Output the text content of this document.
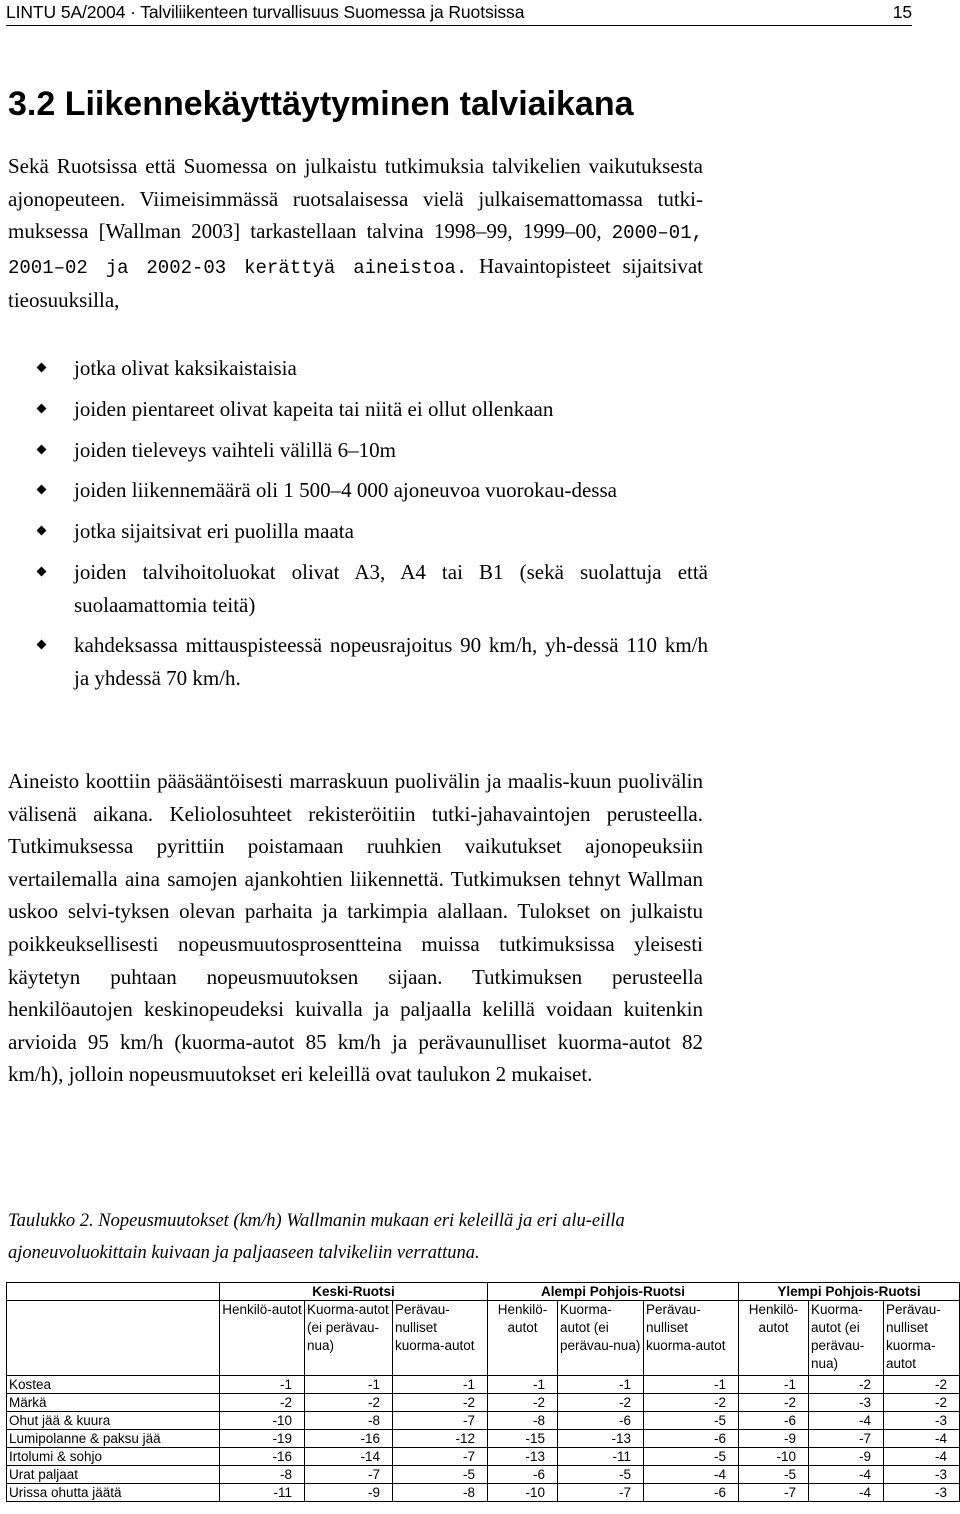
LINTU 5A/2004 · Talviliikenteen turvallisuus Suomessa ja Ruotsissa	15
3.2 Liikennekäyttäytyminen talviaikana

Sekä Ruotsissa että Suomessa on julkaistu tutkimuksia talvikelien vaikutuksesta ajonopeuteen. Viimeisimmässä ruotsalaisessa vielä julkaisemattomassa tutki-muksessa [Wallman 2003] tarkastellaan talvina 1998–99, 1999–00, 2000–01, 2001–02 ja 2002-03 kerättyä aineistoa. Havaintopisteet sijaitsivat tieosuuksilla,

jotka olivat kaksikaistaisia
joiden pientareet olivat kapeita tai niitä ei ollut ollenkaan
joiden tieleveys vaihteli välillä 6–10m
joiden liikennemäärä oli 1 500–4 000 ajoneuvoa vuorokau-dessa
jotka sijaitsivat eri puolilla maata
joiden talvihoitoluokat olivat A3, A4 tai B1 (sekä suolattuja että suolaamattomia teitä)
kahdeksassa mittauspisteessä nopeusrajoitus 90 km/h, yh-dessä 110 km/h ja yhdessä 70 km/h.

Aineisto koottiin pääsääntöisesti marraskuun puolivälin ja maalis-kuun puolivälin välisenä aikana. Keliolosuhteet rekisteröitiin tutki-jahavaintojen perusteella. Tutkimuksessa pyrittiin poistamaan ruuhkien vaikutukset ajonopeuksiin vertailemalla aina samojen ajankohtien liikennettä. Tutkimuksen tehnyt Wallman uskoo selvi-tyksen olevan parhaita ja tarkimpia alallaan. Tulokset on julkaistu poikkeuksellisesti nopeusmuutosprosentteina muissa tutkimuksissa yleisesti käytetyn puhtaan nopeusmuutoksen sijaan. Tutkimuksen perusteella henkilöautojen keskinopeudeksi kuivalla ja paljaalla kelillä voidaan kuitenkin arvioida 95 km/h (kuorma-autot 85 km/h ja perävaunulliset kuorma-autot 82 km/h), jolloin nopeusmuutokset eri keleillä ovat taulukon 2 mukaiset.

Taulukko 2. Nopeusmuutokset (km/h) Wallmanin mukaan eri keleillä ja eri alu-eilla ajoneuvoluokittain kuivaan ja paljaaseen talvikeliin verrattuna.

	Keski-Ruotsi			Alempi Pohjois-Ruotsi			Ylempi Pohjois-Ruotsi		
	Henkilö-autot	Kuorma-autot (ei perävau-nua)	Perävau-nulliset kuorma-autot	Henkilö-autot	Kuorma-autot (ei perävau-nua)	Perävau-nulliset kuorma-autot	Henkilö-autot	Kuorma-autot (ei perävau-nua)	Perävau-nulliset kuorma-autot
Kostea	-1	-1	-1	-1	-1	-1	-1	-2	-2
Märkä	-2	-2	-2	-2	-2	-2	-2	-3	-2
Ohut jää & kuura	-10	-8	-7	-8	-6	-5	-6	-4	-3
Lumipolanne & paksu jää	-19	-16	-12	-15	-13	-6	-9	-7	-4
Irtolumi & sohjo	-16	-14	-7	-13	-11	-5	-10	-9	-4
Urat paljaat	-8	-7	-5	-6	-5	-4	-5	-4	-3
Urissa ohutta jäätä	-11	-9	-8	-10	-7	-6	-7	-4	-3
